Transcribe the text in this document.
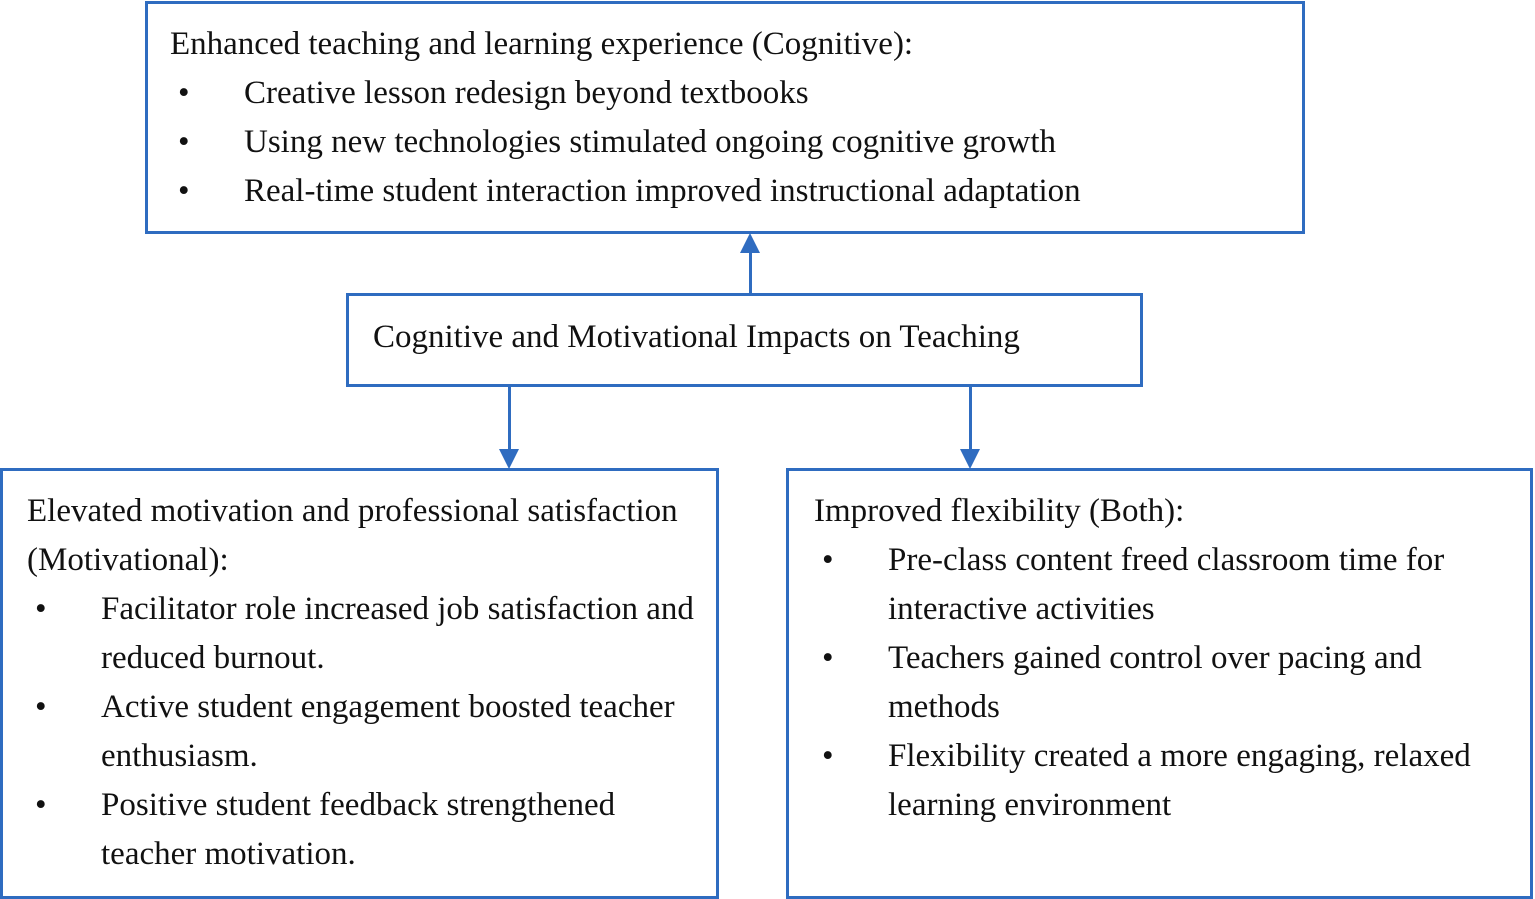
Enhanced teaching and learning experience (Cognitive):
• Creative lesson redesign beyond textbooks
• Using new technologies stimulated ongoing cognitive growth
• Real-time student interaction improved instructional adaptation
Cognitive and Motivational Impacts on Teaching
Elevated motivation and professional satisfaction (Motivational):
• Facilitator role increased job satisfaction and reduced burnout.
• Active student engagement boosted teacher enthusiasm.
• Positive student feedback strengthened teacher motivation.
Improved flexibility (Both):
• Pre-class content freed classroom time for interactive activities
• Teachers gained control over pacing and methods
• Flexibility created a more engaging, relaxed learning environment
